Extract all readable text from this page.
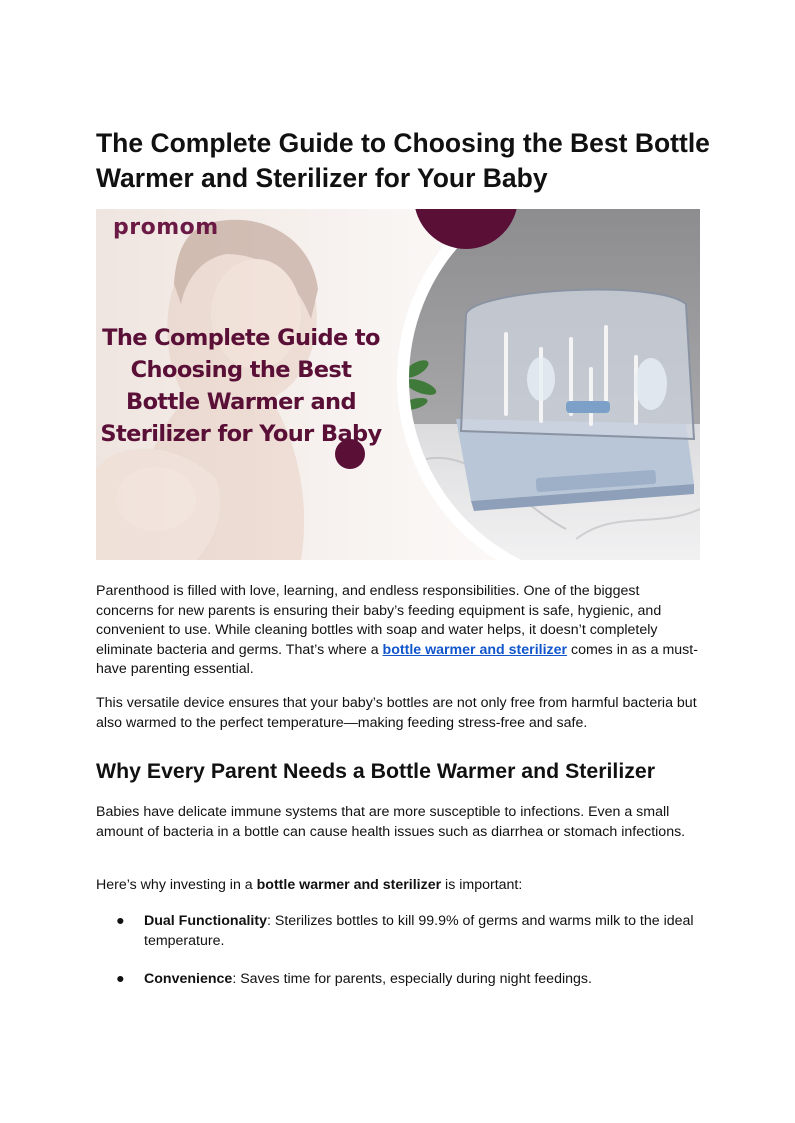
The Complete Guide to Choosing the Best Bottle Warmer and Sterilizer for Your Baby
promom
The Complete Guide to Choosing the Best Bottle Warmer and Sterilizer for Your Baby

Parenthood is filled with love, learning, and endless responsibilities. One of the biggest concerns for new parents is ensuring their baby’s feeding equipment is safe, hygienic, and convenient to use. While cleaning bottles with soap and water helps, it doesn’t completely eliminate bacteria and germs. That’s where a bottle warmer and sterilizer comes in as a must-have parenting essential.

This versatile device ensures that your baby’s bottles are not only free from harmful bacteria but also warmed to the perfect temperature—making feeding stress-free and safe.

Why Every Parent Needs a Bottle Warmer and Sterilizer

Babies have delicate immune systems that are more susceptible to infections. Even a small amount of bacteria in a bottle can cause health issues such as diarrhea or stomach infections.

Here’s why investing in a bottle warmer and sterilizer is important:

●	Dual Functionality: Sterilizes bottles to kill 99.9% of germs and warms milk to the ideal temperature.
●	Convenience: Saves time for parents, especially during night feedings.
